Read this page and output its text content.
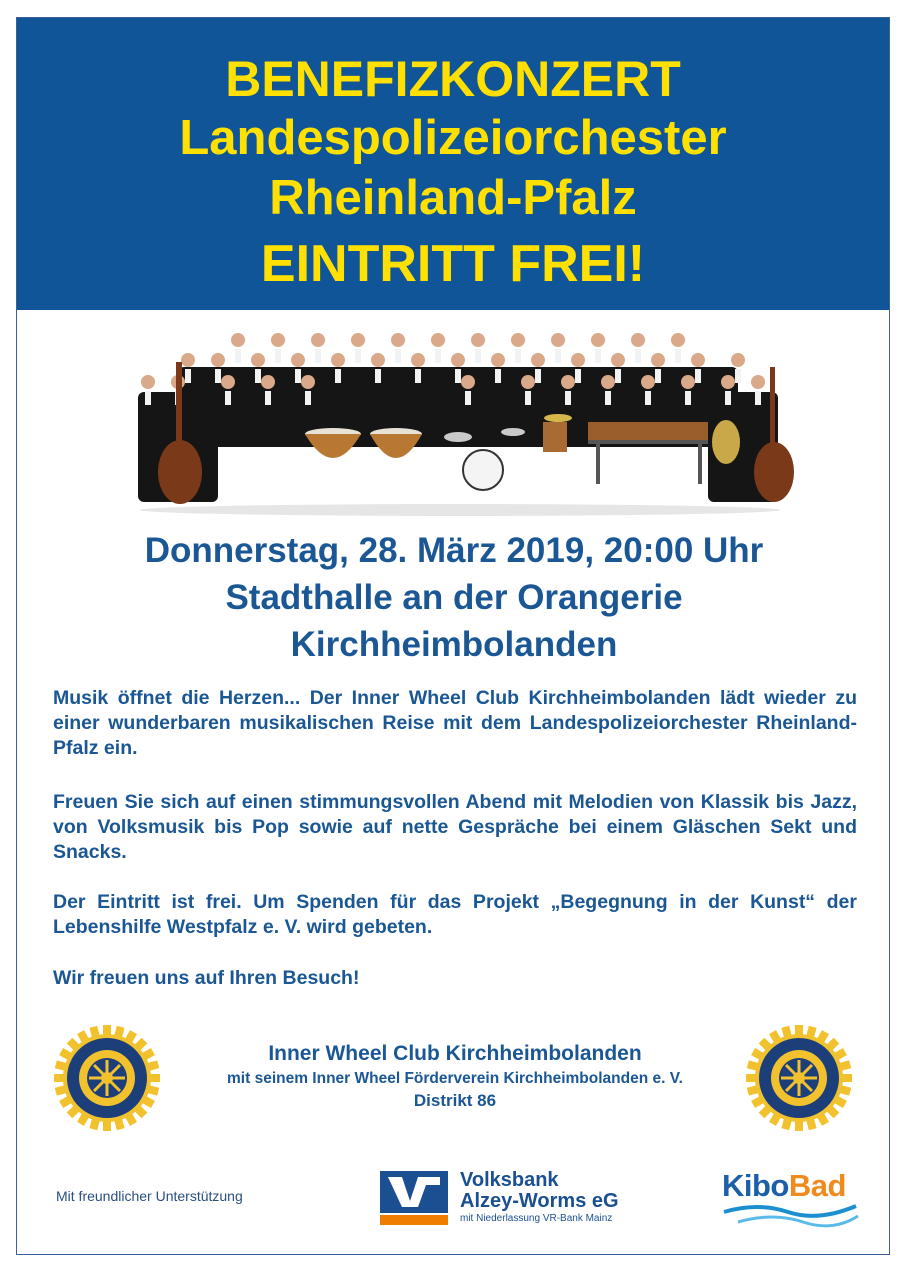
BENEFIZKONZERT
Landespolizeiorchester
Rheinland-Pfalz
EINTRITT FREI!
Donnerstag, 28. März 2019, 20:00 Uhr
Stadthalle an der Orangerie
Kirchheimbolanden
Musik öffnet die Herzen... Der Inner Wheel Club Kirchheimbolanden lädt wieder zu einer wunderbaren musikalischen Reise mit dem Landespolizeiorchester Rheinland-Pfalz ein.
Freuen Sie sich auf einen stimmungsvollen Abend mit Melodien von Klassik bis Jazz, von Volksmusik bis Pop sowie auf nette Gespräche bei einem Gläschen Sekt und Snacks.
Der Eintritt ist frei. Um Spenden für das Projekt „Begegnung in der Kunst“ der Lebenshilfe Westpfalz e. V. wird gebeten.
Wir freuen uns auf Ihren Besuch!
Inner Wheel Club Kirchheimbolanden
mit seinem Inner Wheel Förderverein Kirchheimbolanden e. V.
Distrikt 86
Mit freundlicher Unterstützung
Volksbank
Alzey-Worms eG
mit Niederlassung VR-Bank Mainz
KiboBad
